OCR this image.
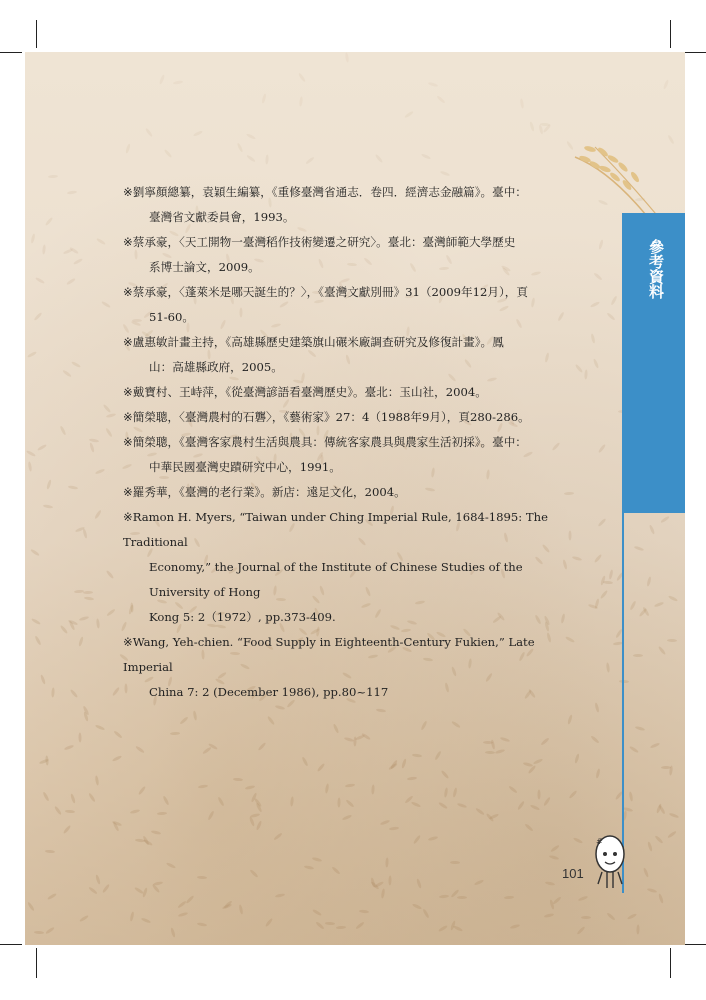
參考資料

※劉寧顏總纂，袁穎生編纂，《重修臺灣省通志．卷四．經濟志金融篇》。臺中：
臺灣省文獻委員會，1993。

※蔡承豪，〈天工開物一臺灣稻作技術變遷之研究〉。臺北：臺灣師範大學歷史
系博士論文，2009。

※蔡承豪，〈蓬萊米是哪天誕生的？〉，《臺灣文獻別冊》31（2009年12月），頁
51-60。

※盧惠敏計畫主持，《高雄縣歷史建築旗山碾米廠調查研究及修復計畫》。鳳
山：高雄縣政府，2005。

※戴寶村、王峙萍，《從臺灣諺語看臺灣歷史》。臺北：玉山社，2004。

※簡榮聰，〈臺灣農村的石礱〉，《藝術家》27：4（1988年9月），頁280-286。

※簡榮聰，《臺灣客家農村生活與農具：傳統客家農具與農家生活初採》。臺中：
中華民國臺灣史蹟研究中心，1991。

※羅秀華，《臺灣的老行業》。新店：遠足文化，2004。

※Ramon H. Myers, “Taiwan under Ching Imperial Rule, 1684-1895: The Traditional
Economy,” the Journal of the Institute of Chinese Studies of the University of Hong
Kong 5: 2（1972）, pp.373-409.

※Wang, Yeh-chien. “Food Supply in Eighteenth-Century Fukien,” Late Imperial
China 7: 2 (December 1986), pp.80~117

#
101
